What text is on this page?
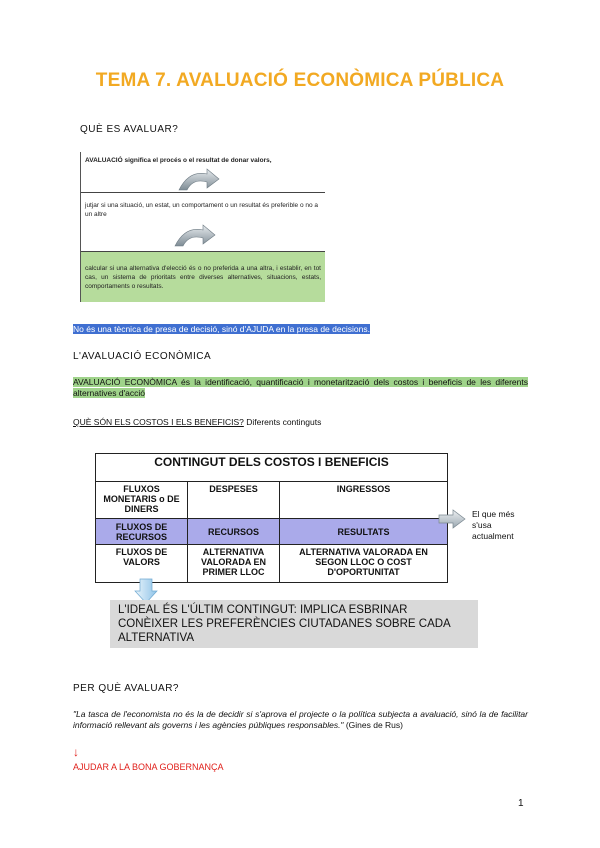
TEMA 7. AVALUACIÓ ECONÒMICA PÚBLICA
QUÈ ES AVALUAR?
AVALUACIÓ significa el procés o el resultat de donar valors,
jutjar si una situació, un estat, un comportament o un resultat és preferible o no a un altre
calcular si una alternativa d'elecció és o no preferida a una altra, i establir, en tot cas, un sistema de prioritats entre diverses alternatives, situacions, estats, comportaments o resultats.
No és una tècnica de presa de decisió, sinó d'AJUDA en la presa de decisions.
L'AVALUACIÓ ECONÒMICA
AVALUACIÓ ECONÒMICA és la identificació, quantificació i monetarització dels costos i beneficis de les diferents alternatives d'acció
QUÈ SÓN ELS COSTOS I ELS BENEFICIS? Diferents continguts
CONTINGUT DELS COSTOS I BENEFICIS		
FLUXOS MONETARIS o DE DINERS	DESPESES	INGRESSOS
FLUXOS DE RECURSOS	RECURSOS	RESULTATS
FLUXOS DE VALORS	ALTERNATIVA VALORADA EN PRIMER LLOC	ALTERNATIVA VALORADA EN SEGON LLOC O COST D'OPORTUNITAT
El que més s'usa actualment
L'IDEAL ÉS L'ÚLTIM CONTINGUT: IMPLICA ESBRINAR CONÈIXER LES PREFERÈNCIES CIUTADANES SOBRE CADA ALTERNATIVA
PER QUÈ AVALUAR?
"La tasca de l'economista no és la de decidir si s'aprova el projecte o la política subjecta a avaluació, sinó la de facilitar informació rellevant als governs i les agències públiques responsables." (Gines de Rus)
↓
AJUDAR A LA BONA GOBERNANÇA
1
